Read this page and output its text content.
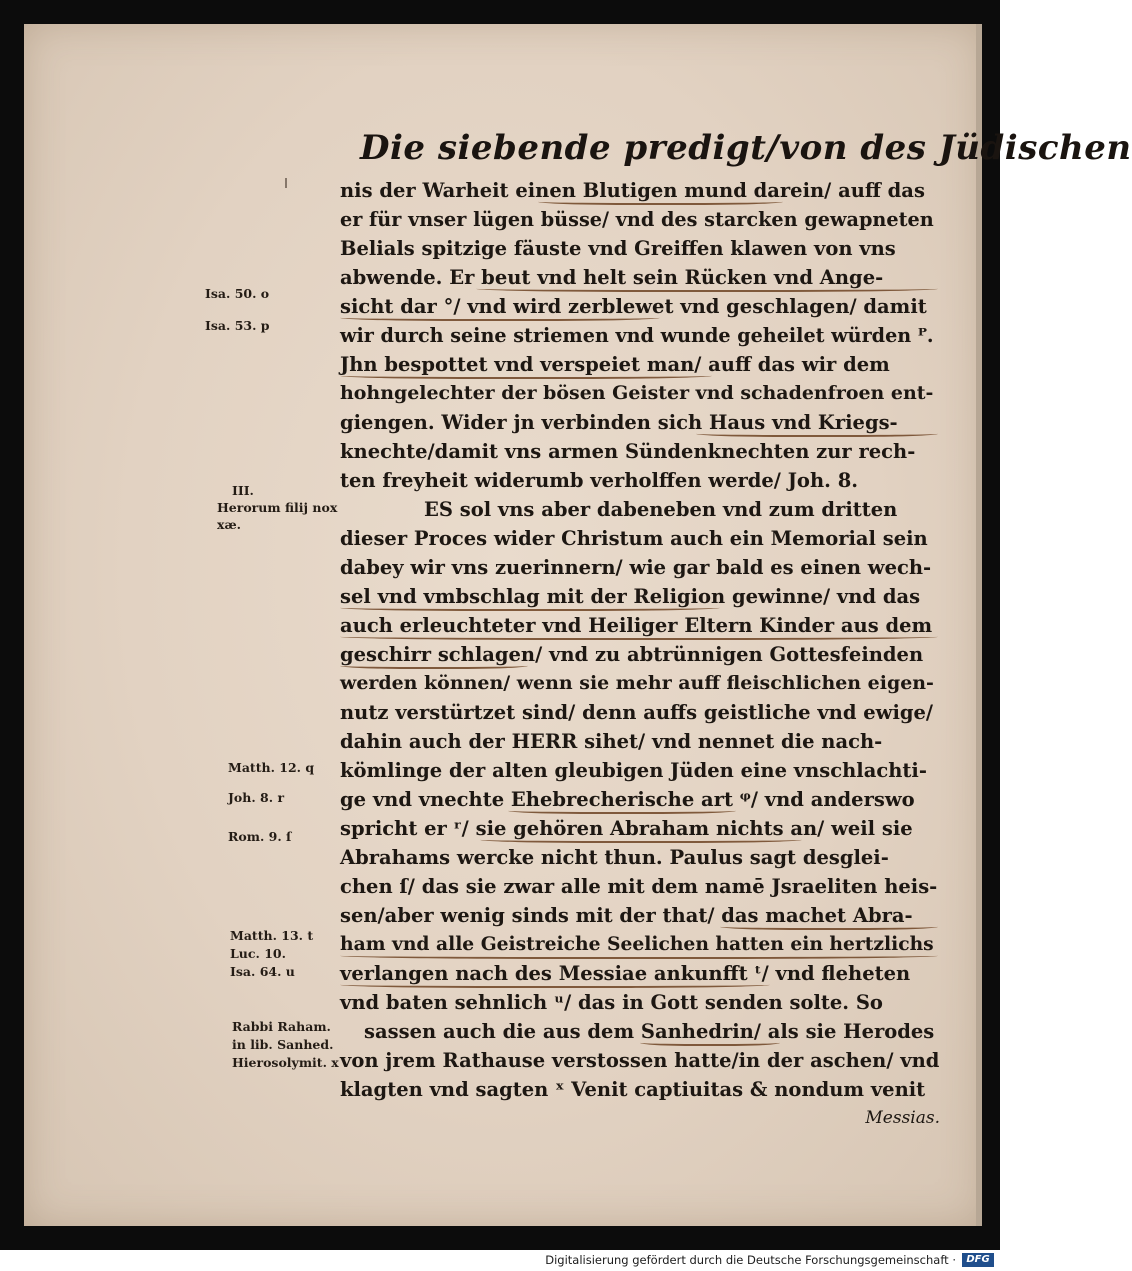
Die siebende predigt/von des Jüdischen
nis der Warheit einen Blutigen mund darein/ auff das
er für vnser lügen büsse/ vnd des starcken gewapneten
Belials spitzige fäuste vnd Greiffen klawen von vns
abwende. Er beut vnd helt sein Rücken vnd Ange-
sicht dar °/ vnd wird zerblewet vnd geschlagen/ damit
wir durch seine striemen vnd wunde geheilet würden ᴾ.
Jhn bespottet vnd verspeiet man/ auff das wir dem
hohngelechter der bösen Geister vnd schadenfroen ent-
giengen. Wider jn verbinden sich Haus vnd Kriegs-
knechte/damit vns armen Sündenknechten zur rech-
ten freyheit widerumb verholffen werde/ Joh. 8.
ES sol vns aber dabeneben vnd zum dritten
dieser Proces wider Christum auch ein Memorial sein
dabey wir vns zuerinnern/ wie gar bald es einen wech-
sel vnd vmbschlag mit der Religion gewinne/ vnd das
auch erleuchteter vnd Heiliger Eltern Kinder aus dem
geschirr schlagen/ vnd zu abtrünnigen Gottesfeinden
werden können/ wenn sie mehr auff fleischlichen eigen-
nutz verstürtzet sind/ denn auffs geistliche vnd ewige/
dahin auch der HERR sihet/ vnd nennet die nach-
kömlinge der alten gleubigen Jüden eine vnschlachti-
ge vnd vnechte Ehebrecherische art ᵠ/ vnd anderswo
spricht er ʳ/ sie gehören Abraham nichts an/ weil sie
Abrahams wercke nicht thun. Paulus sagt desglei-
chen ſ/ das sie zwar alle mit dem namē Jsraeliten heis-
sen/aber wenig sinds mit der that/ das machet Abra-
ham vnd alle Geistreiche Seelichen hatten ein hertzlichs
verlangen nach des Messiae ankunfft ᵗ/ vnd fleheten
vnd baten sehnlich ᵘ/ das in Gott senden solte. So
sassen auch die aus dem Sanhedrin/ als sie Herodes
von jrem Rathause verstossen hatte/in der aschen/ vnd
klagten vnd sagten ˣ Venit captiuitas & nondum venit
Messias.
Isa. 50. o
Isa. 53. p
III.
Herorum filij nox
xæ.
Matth. 12. q
Joh. 8. r
Rom. 9. ſ
Matth. 13. t
Luc. 10.
Isa. 64. u
Rabbi Raham.
in lib. Sanhed.
Hierosolymit. x
Digitalisierung gefördert durch die Deutsche Forschungsgemeinschaft ·	DFG
